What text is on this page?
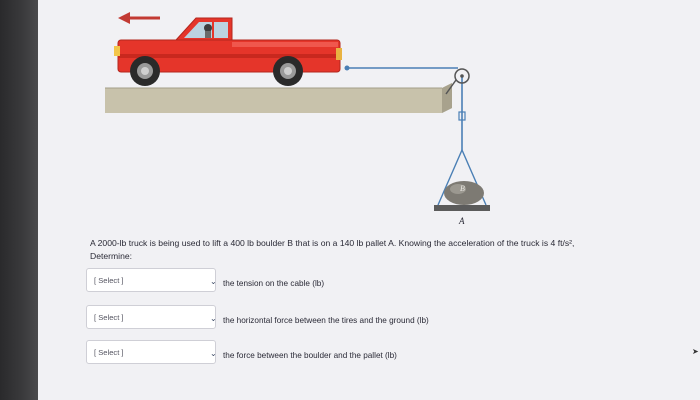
B
A
A 2000-lb truck is being used to lift a 400 lb boulder B that is on a 140 lb pallet A. Knowing the acceleration of the truck is 4 ft/s²,
Determine:
[ Select ]	⌄ the tension on the cable (lb)
[ Select ]	⌄ the horizontal force between the tires and the ground (lb)
[ Select ]	⌄ the force between the boulder and the pallet (lb)	➤
